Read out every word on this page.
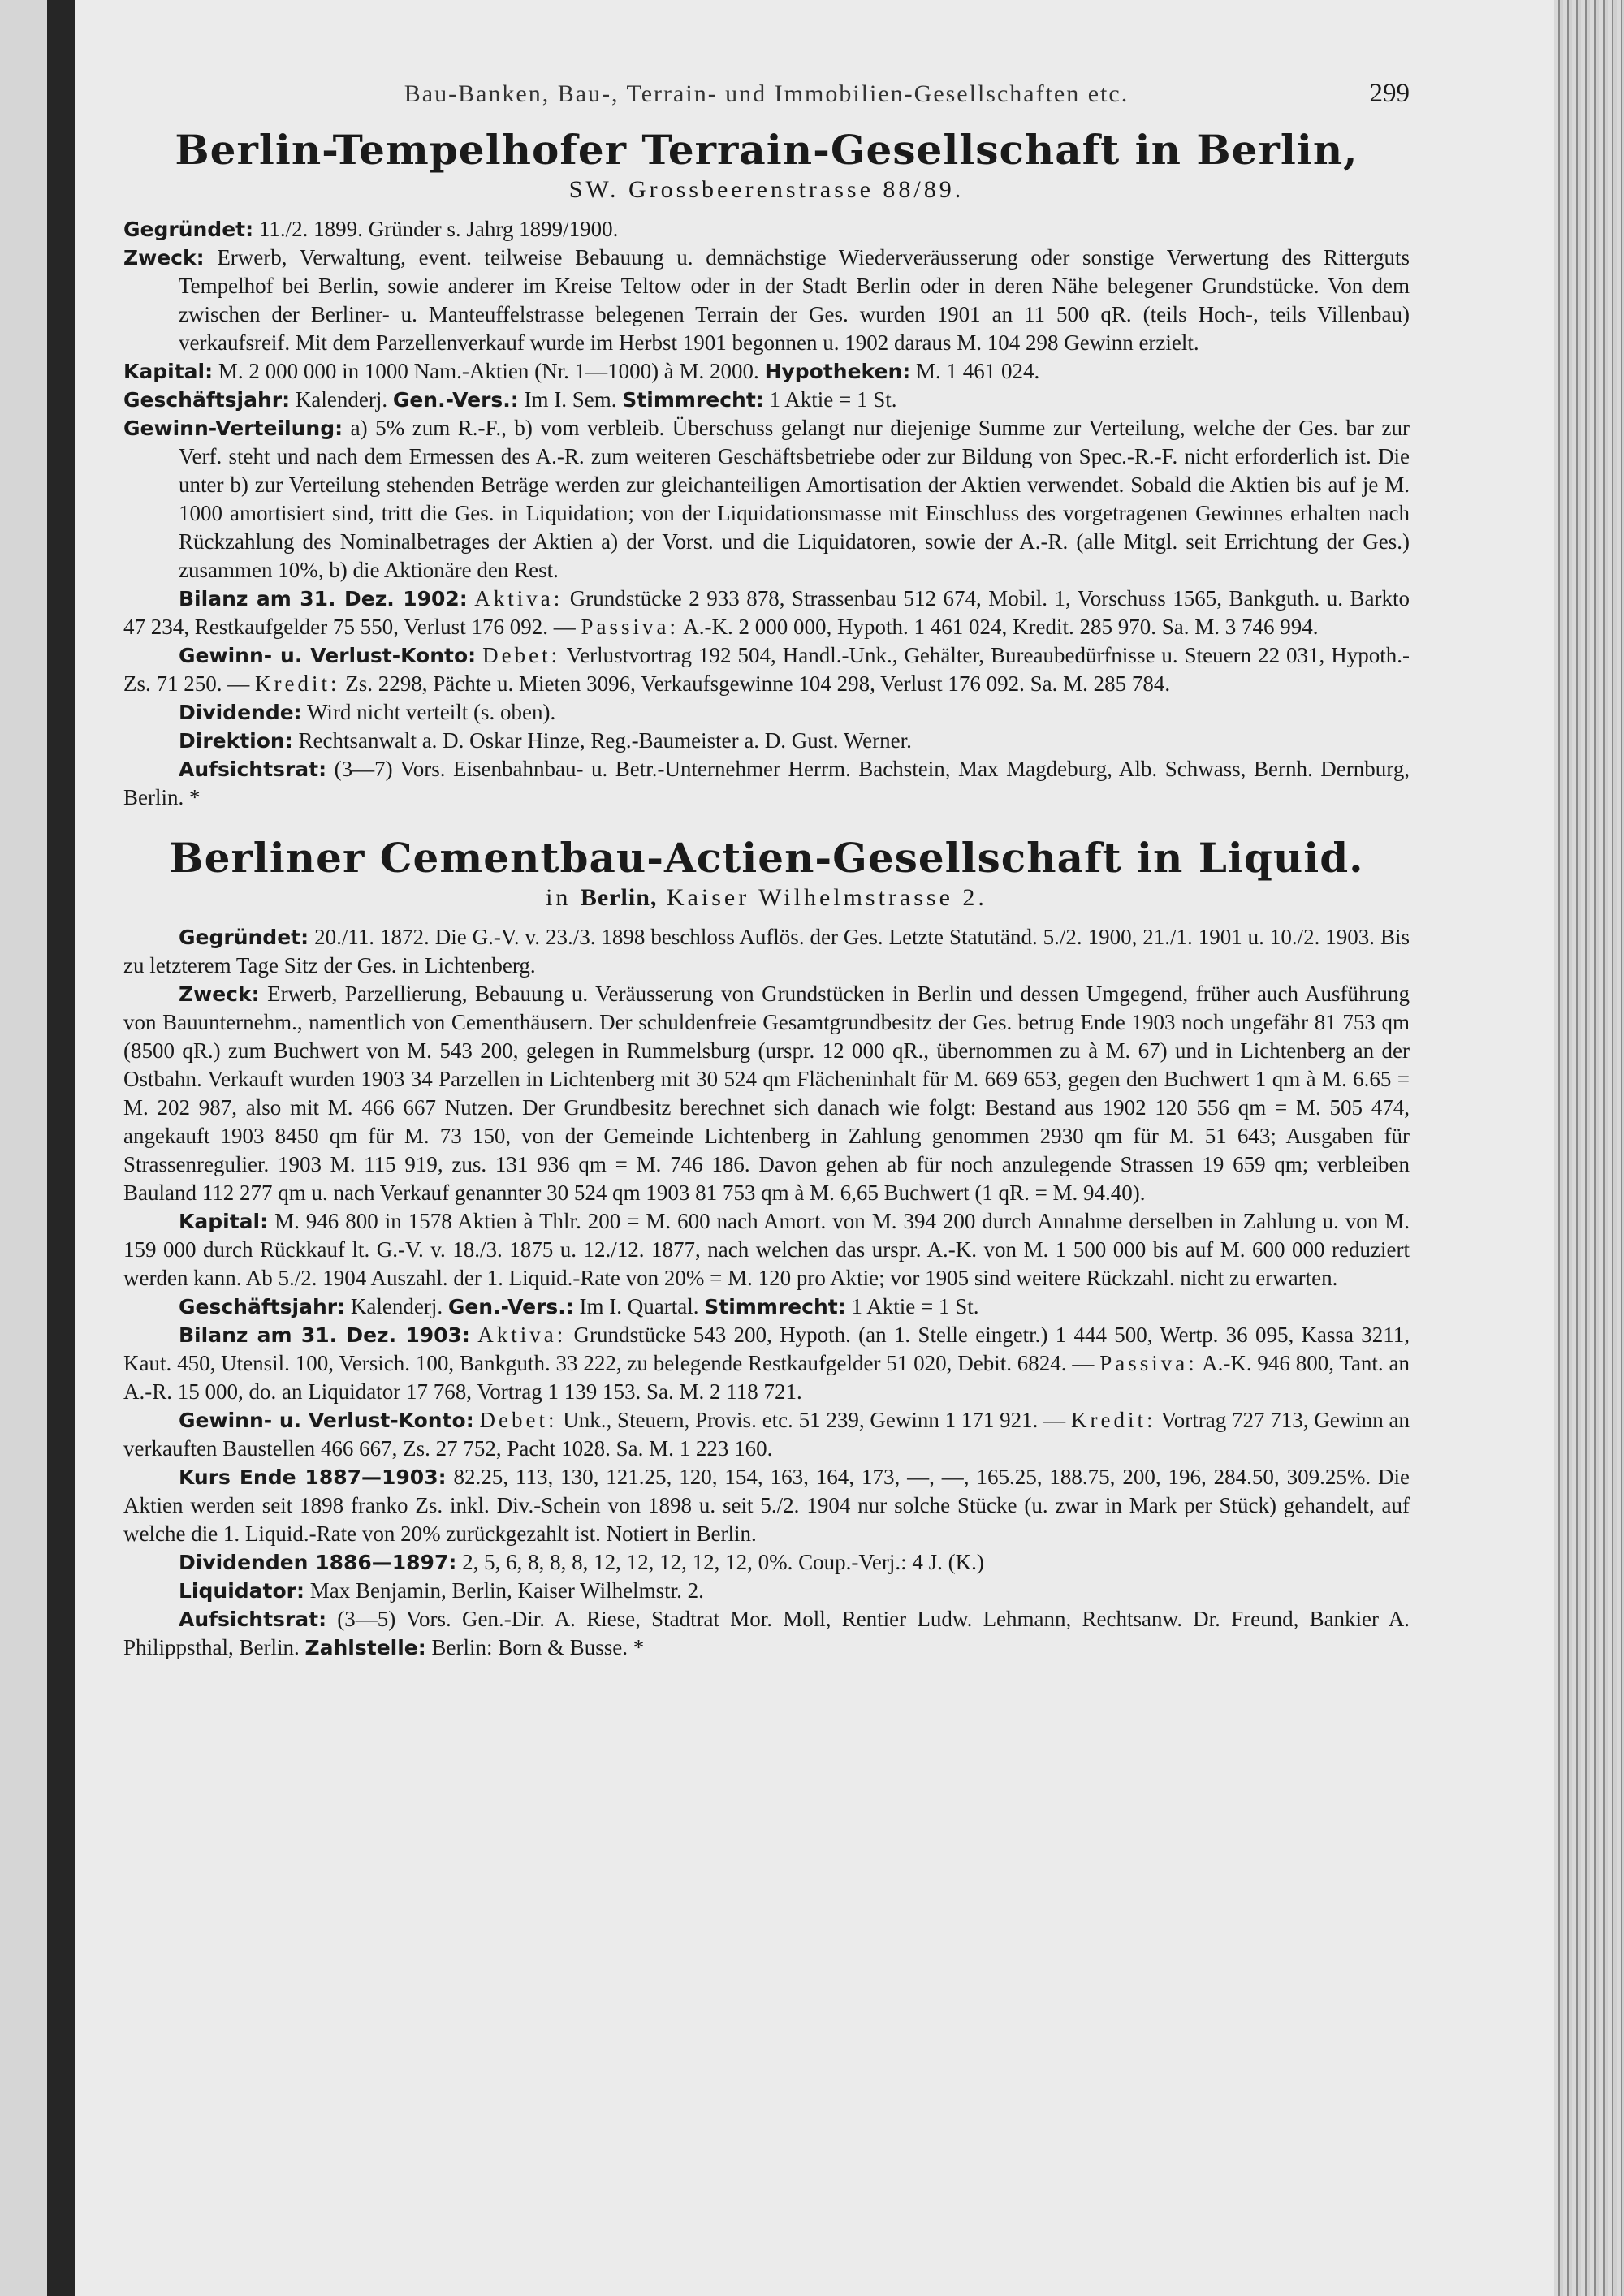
Bau-Banken, Bau-, Terrain- und Immobilien-Gesellschaften etc.	299
Berlin-Tempelhofer Terrain-Gesellschaft in Berlin,
SW. Grossbeerenstrasse 88/89.

Gegründet: 11./2. 1899. Gründer s. Jahrg 1899/1900.

Zweck: Erwerb, Verwaltung, event. teilweise Bebauung u. demnächstige Wiederveräusserung oder sonstige Verwertung des Ritterguts Tempelhof bei Berlin, sowie anderer im Kreise Teltow oder in der Stadt Berlin oder in deren Nähe belegener Grundstücke. Von dem zwischen der Berliner- u. Manteuffelstrasse belegenen Terrain der Ges. wurden 1901 an 11 500 qR. (teils Hoch-, teils Villenbau) verkaufsreif. Mit dem Parzellenverkauf wurde im Herbst 1901 begonnen u. 1902 daraus M. 104 298 Gewinn erzielt.

Kapital: M. 2 000 000 in 1000 Nam.-Aktien (Nr. 1—1000) à M. 2000. Hypotheken: M. 1 461 024.

Geschäftsjahr: Kalenderj. Gen.-Vers.: Im I. Sem. Stimmrecht: 1 Aktie = 1 St.

Gewinn-Verteilung: a) 5% zum R.-F., b) vom verbleib. Überschuss gelangt nur diejenige Summe zur Verteilung, welche der Ges. bar zur Verf. steht und nach dem Ermessen des A.-R. zum weiteren Geschäftsbetriebe oder zur Bildung von Spec.-R.-F. nicht erforderlich ist. Die unter b) zur Verteilung stehenden Beträge werden zur gleichanteiligen Amortisation der Aktien verwendet. Sobald die Aktien bis auf je M. 1000 amortisiert sind, tritt die Ges. in Liquidation; von der Liquidationsmasse mit Einschluss des vorgetragenen Gewinnes erhalten nach Rückzahlung des Nominalbetrages der Aktien a) der Vorst. und die Liquidatoren, sowie der A.-R. (alle Mitgl. seit Errichtung der Ges.) zusammen 10%, b) die Aktionäre den Rest.

Bilanz am 31. Dez. 1902: Aktiva: Grundstücke 2 933 878, Strassenbau 512 674, Mobil. 1, Vorschuss 1565, Bankguth. u. Barkto 47 234, Restkaufgelder 75 550, Verlust 176 092. — Passiva: A.-K. 2 000 000, Hypoth. 1 461 024, Kredit. 285 970. Sa. M. 3 746 994.

Gewinn- u. Verlust-Konto: Debet: Verlustvortrag 192 504, Handl.-Unk., Gehälter, Bureaubedürfnisse u. Steuern 22 031, Hypoth.-Zs. 71 250. — Kredit: Zs. 2298, Pächte u. Mieten 3096, Verkaufsgewinne 104 298, Verlust 176 092. Sa. M. 285 784.

Dividende: Wird nicht verteilt (s. oben).

Direktion: Rechtsanwalt a. D. Oskar Hinze, Reg.-Baumeister a. D. Gust. Werner.

Aufsichtsrat: (3—7) Vors. Eisenbahnbau- u. Betr.-Unternehmer Herrm. Bachstein, Max Magdeburg, Alb. Schwass, Bernh. Dernburg, Berlin. *

Berliner Cementbau-Actien-Gesellschaft in Liquid.
in Berlin, Kaiser Wilhelmstrasse 2.

Gegründet: 20./11. 1872. Die G.-V. v. 23./3. 1898 beschloss Auflös. der Ges. Letzte Statutänd. 5./2. 1900, 21./1. 1901 u. 10./2. 1903. Bis zu letzterem Tage Sitz der Ges. in Lichtenberg.

Zweck: Erwerb, Parzellierung, Bebauung u. Veräusserung von Grundstücken in Berlin und dessen Umgegend, früher auch Ausführung von Bauunternehm., namentlich von Cementhäusern. Der schuldenfreie Gesamtgrundbesitz der Ges. betrug Ende 1903 noch ungefähr 81 753 qm (8500 qR.) zum Buchwert von M. 543 200, gelegen in Rummelsburg (urspr. 12 000 qR., übernommen zu à M. 67) und in Lichtenberg an der Ostbahn. Verkauft wurden 1903 34 Parzellen in Lichtenberg mit 30 524 qm Flächeninhalt für M. 669 653, gegen den Buchwert 1 qm à M. 6.65 = M. 202 987, also mit M. 466 667 Nutzen. Der Grundbesitz berechnet sich danach wie folgt: Bestand aus 1902 120 556 qm = M. 505 474, angekauft 1903 8450 qm für M. 73 150, von der Gemeinde Lichtenberg in Zahlung genommen 2930 qm für M. 51 643; Ausgaben für Strassenregulier. 1903 M. 115 919, zus. 131 936 qm = M. 746 186. Davon gehen ab für noch anzulegende Strassen 19 659 qm; verbleiben Bauland 112 277 qm u. nach Verkauf genannter 30 524 qm 1903 81 753 qm à M. 6,65 Buchwert (1 qR. = M. 94.40).

Kapital: M. 946 800 in 1578 Aktien à Thlr. 200 = M. 600 nach Amort. von M. 394 200 durch Annahme derselben in Zahlung u. von M. 159 000 durch Rückkauf lt. G.-V. v. 18./3. 1875 u. 12./12. 1877, nach welchen das urspr. A.-K. von M. 1 500 000 bis auf M. 600 000 reduziert werden kann. Ab 5./2. 1904 Auszahl. der 1. Liquid.-Rate von 20% = M. 120 pro Aktie; vor 1905 sind weitere Rückzahl. nicht zu erwarten.

Geschäftsjahr: Kalenderj. Gen.-Vers.: Im I. Quartal. Stimmrecht: 1 Aktie = 1 St.

Bilanz am 31. Dez. 1903: Aktiva: Grundstücke 543 200, Hypoth. (an 1. Stelle eingetr.) 1 444 500, Wertp. 36 095, Kassa 3211, Kaut. 450, Utensil. 100, Versich. 100, Bankguth. 33 222, zu belegende Restkaufgelder 51 020, Debit. 6824. — Passiva: A.-K. 946 800, Tant. an A.-R. 15 000, do. an Liquidator 17 768, Vortrag 1 139 153. Sa. M. 2 118 721.

Gewinn- u. Verlust-Konto: Debet: Unk., Steuern, Provis. etc. 51 239, Gewinn 1 171 921. — Kredit: Vortrag 727 713, Gewinn an verkauften Baustellen 466 667, Zs. 27 752, Pacht 1028. Sa. M. 1 223 160.

Kurs Ende 1887—1903: 82.25, 113, 130, 121.25, 120, 154, 163, 164, 173, —, —, 165.25, 188.75, 200, 196, 284.50, 309.25%. Die Aktien werden seit 1898 franko Zs. inkl. Div.-Schein von 1898 u. seit 5./2. 1904 nur solche Stücke (u. zwar in Mark per Stück) gehandelt, auf welche die 1. Liquid.-Rate von 20% zurückgezahlt ist. Notiert in Berlin.

Dividenden 1886—1897: 2, 5, 6, 8, 8, 8, 12, 12, 12, 12, 12, 0%. Coup.-Verj.: 4 J. (K.)

Liquidator: Max Benjamin, Berlin, Kaiser Wilhelmstr. 2.

Aufsichtsrat: (3—5) Vors. Gen.-Dir. A. Riese, Stadtrat Mor. Moll, Rentier Ludw. Lehmann, Rechtsanw. Dr. Freund, Bankier A. Philippsthal, Berlin. Zahlstelle: Berlin: Born & Busse. *
